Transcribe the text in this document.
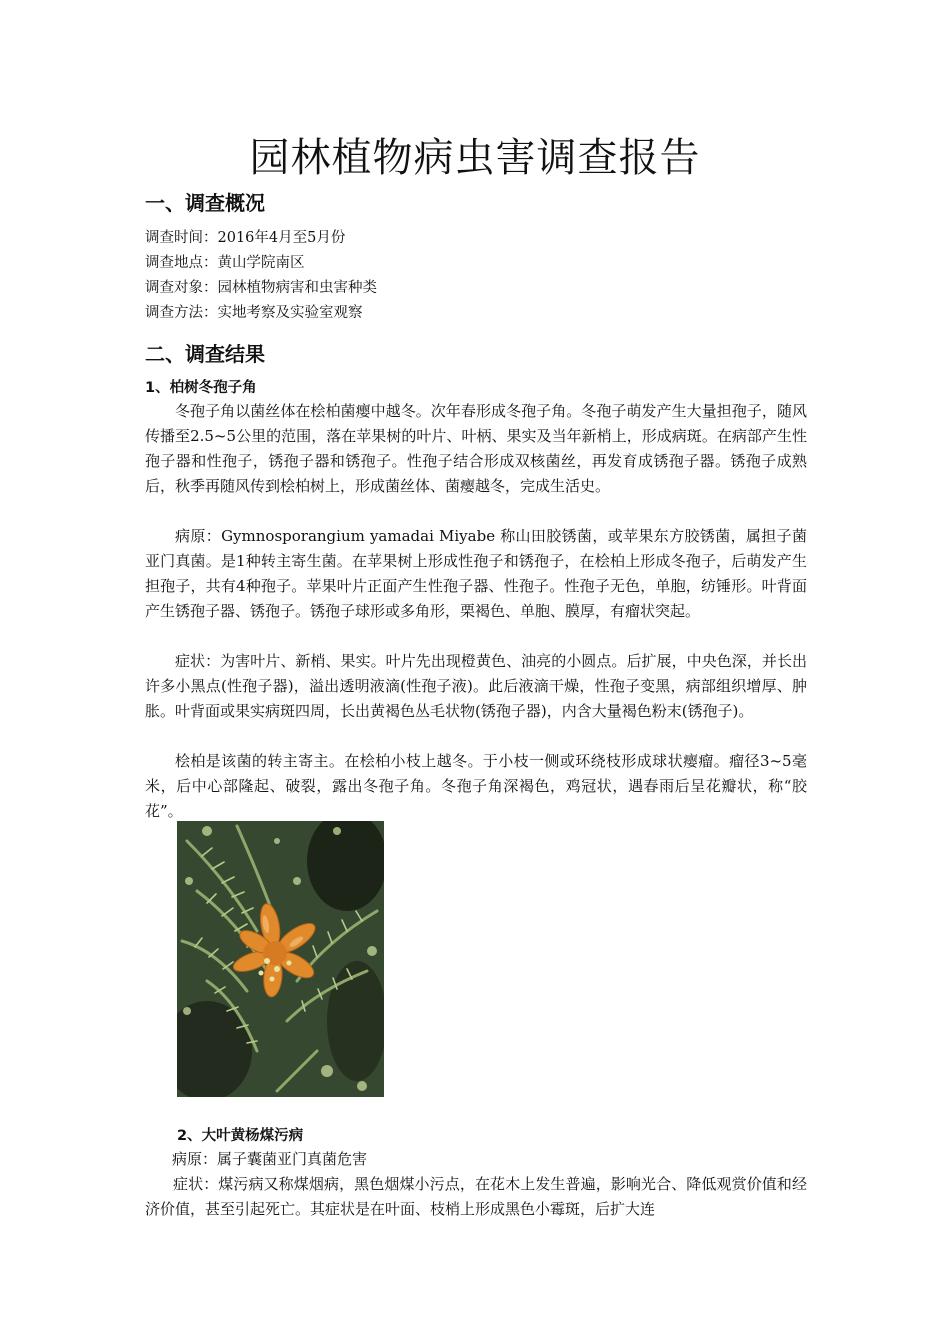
园林植物病虫害调查报告
一、调查概况
调查时间：2016年4月至5月份
调查地点：黄山学院南区
调查对象：园林植物病害和虫害种类
调查方法：实地考察及实验室观察
二、调查结果
1、柏树冬孢子角

冬孢子角以菌丝体在桧柏菌瘿中越冬。次年春形成冬孢子角。冬孢子萌发产生大量担孢子，随风传播至2.5~5公里的范围，落在苹果树的叶片、叶柄、果实及当年新梢上，形成病斑。在病部产生性孢子器和性孢子，锈孢子器和锈孢子。性孢子结合形成双核菌丝，再发育成锈孢子器。锈孢子成熟后，秋季再随风传到桧柏树上，形成菌丝体、菌瘿越冬，完成生活史。

病原：Gymnosporangium yamadai Miyabe 称山田胶锈菌，或苹果东方胶锈菌，属担子菌亚门真菌。是1种转主寄生菌。在苹果树上形成性孢子和锈孢子，在桧柏上形成冬孢子，后萌发产生担孢子，共有4种孢子。苹果叶片正面产生性孢子器、性孢子。性孢子无色，单胞，纺锤形。叶背面产生锈孢子器、锈孢子。锈孢子球形或多角形，栗褐色、单胞、膜厚，有瘤状突起。

症状：为害叶片、新梢、果实。叶片先出现橙黄色、油亮的小圆点。后扩展，中央色深，并长出许多小黑点(性孢子器)，溢出透明液滴(性孢子液)。此后液滴干燥，性孢子变黑，病部组织增厚、肿胀。叶背面或果实病斑四周，长出黄褐色丛毛状物(锈孢子器)，内含大量褐色粉末(锈孢子)。

桧柏是该菌的转主寄主。在桧柏小枝上越冬。于小枝一侧或环绕枝形成球状瘿瘤。瘤径3~5毫米，后中心部隆起、破裂，露出冬孢子角。冬孢子角深褐色，鸡冠状，遇春雨后呈花瓣状，称“胶花”。

2、大叶黄杨煤污病

病原：属子囊菌亚门真菌危害

症状：煤污病又称煤烟病，黑色烟煤小污点，在花木上发生普遍，影响光合、降低观赏价值和经济价值，甚至引起死亡。其症状是在叶面、枝梢上形成黑色小霉斑，后扩大连
